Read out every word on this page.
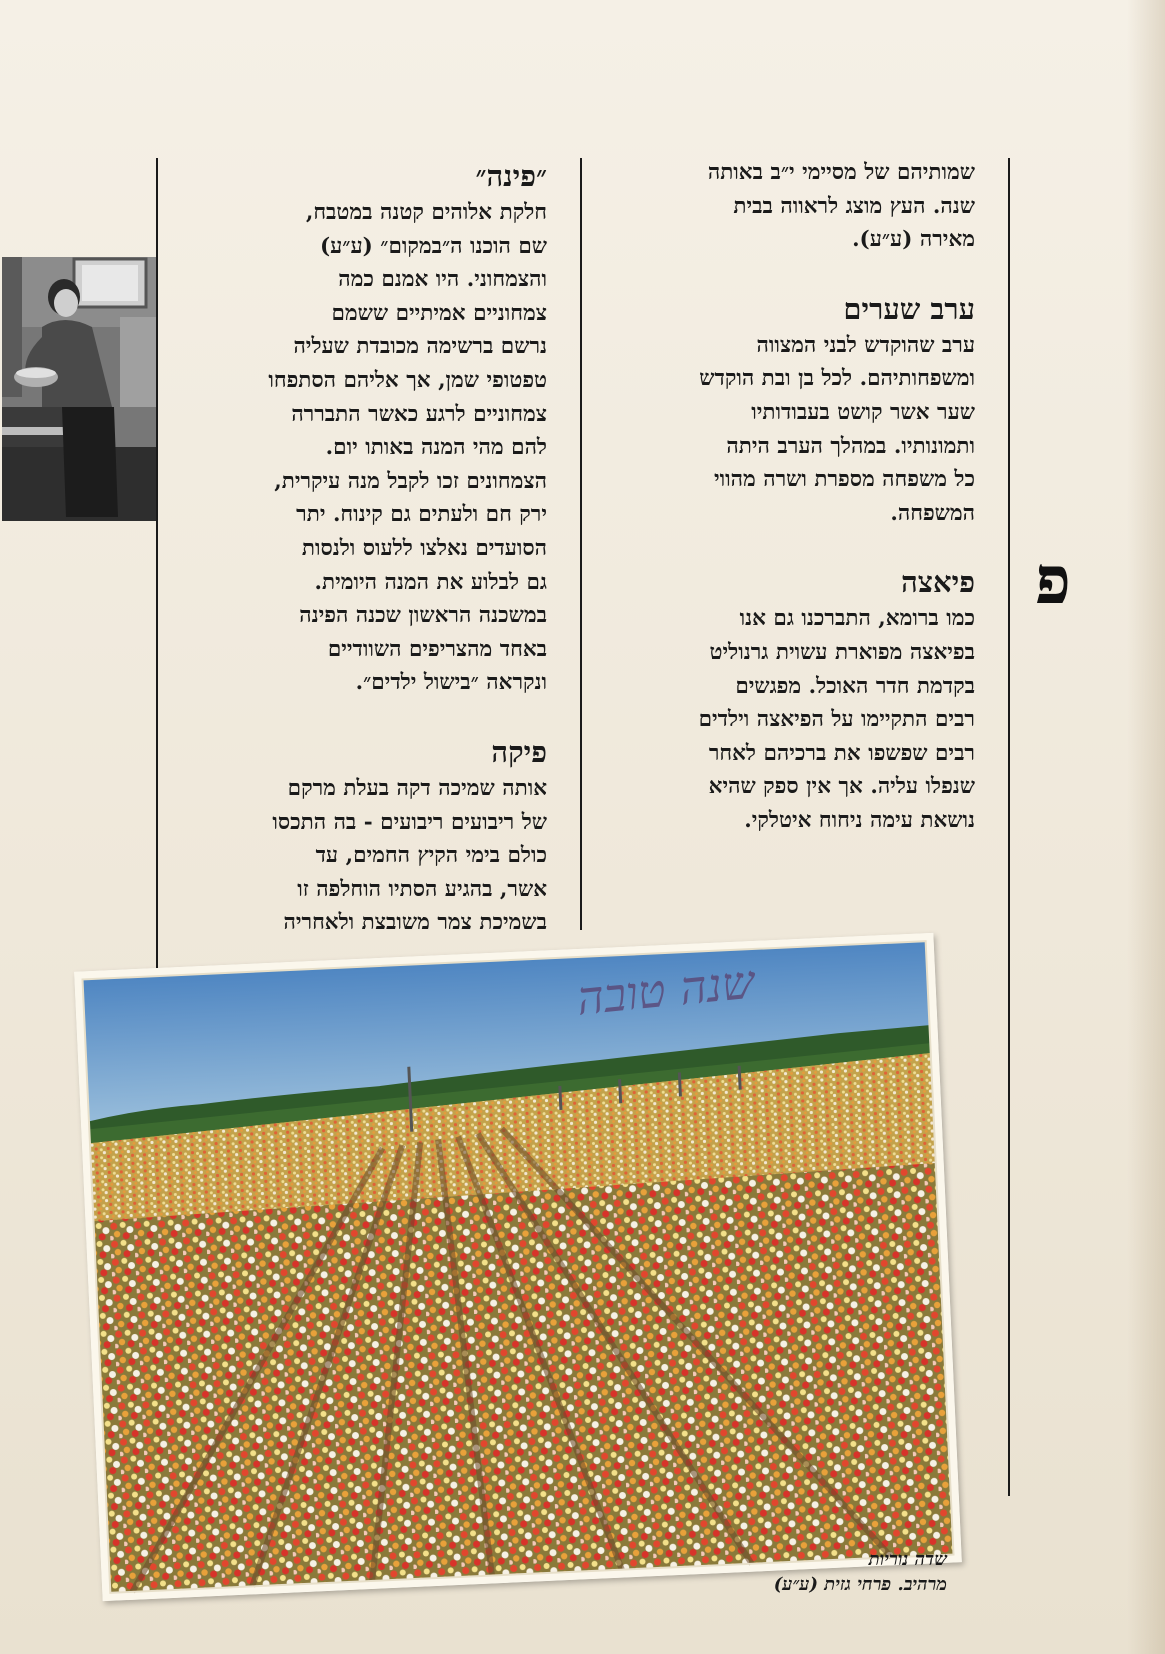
פ

שמותיהם של מסיימי י״ב באותה

שנה. העץ מוצג לראווה בבית

מאירה (ע״ע).

ערב שערים

ערב שהוקדש לבני המצווה

ומשפחותיהם. לכל בן ובת הוקדש

שער אשר קושט בעבודותיו

ותמונותיו. במהלך הערב היתה

כל משפחה מספרת ושרה מהווי

המשפחה.

פיאצה

כמו ברומא, התברכנו גם אנו

בפיאצה מפוארת עשוית גרנוליט

בקדמת חדר האוכל. מפגשים

רבים התקיימו על הפיאצה וילדים

רבים שפשפו את ברכיהם לאחר

שנפלו עליה. אך אין ספק שהיא

נושאת עימה ניחוח איטלקי.

״פינה״

חלקת אלוהים קטנה במטבח,

שם הוכנו ה״במקום״ (ע״ע)

והצמחוני. היו אמנם כמה

צמחוניים אמיתיים ששמם

נרשם ברשימה מכובדת שעליה

טפטופי שמן, אך אליהם הסתפחו

צמחוניים לרגע כאשר התבררה

להם מהי המנה באותו יום.

הצמחונים זכו לקבל מנה עיקרית,

ירק חם ולעתים גם קינוח. יתר

הסועדים נאלצו ללעוס ולנסות

גם לבלוע את המנה היומית.

במשכנה הראשון שכנה הפינה

באחד מהצריפים השוודיים

ונקראה ״בישול ילדים״.

פיקה

אותה שמיכה דקה בעלת מרקם

של ריבועים ריבועים - בה התכסו

כולם בימי הקיץ החמים, עד

אשר, בהגיע הסתיו הוחלפה זו

בשמיכת צמר משובצת ולאחריה

שנה טובה

שדה נוריות

מרהיב. פרחי גזית (ע״ע)
